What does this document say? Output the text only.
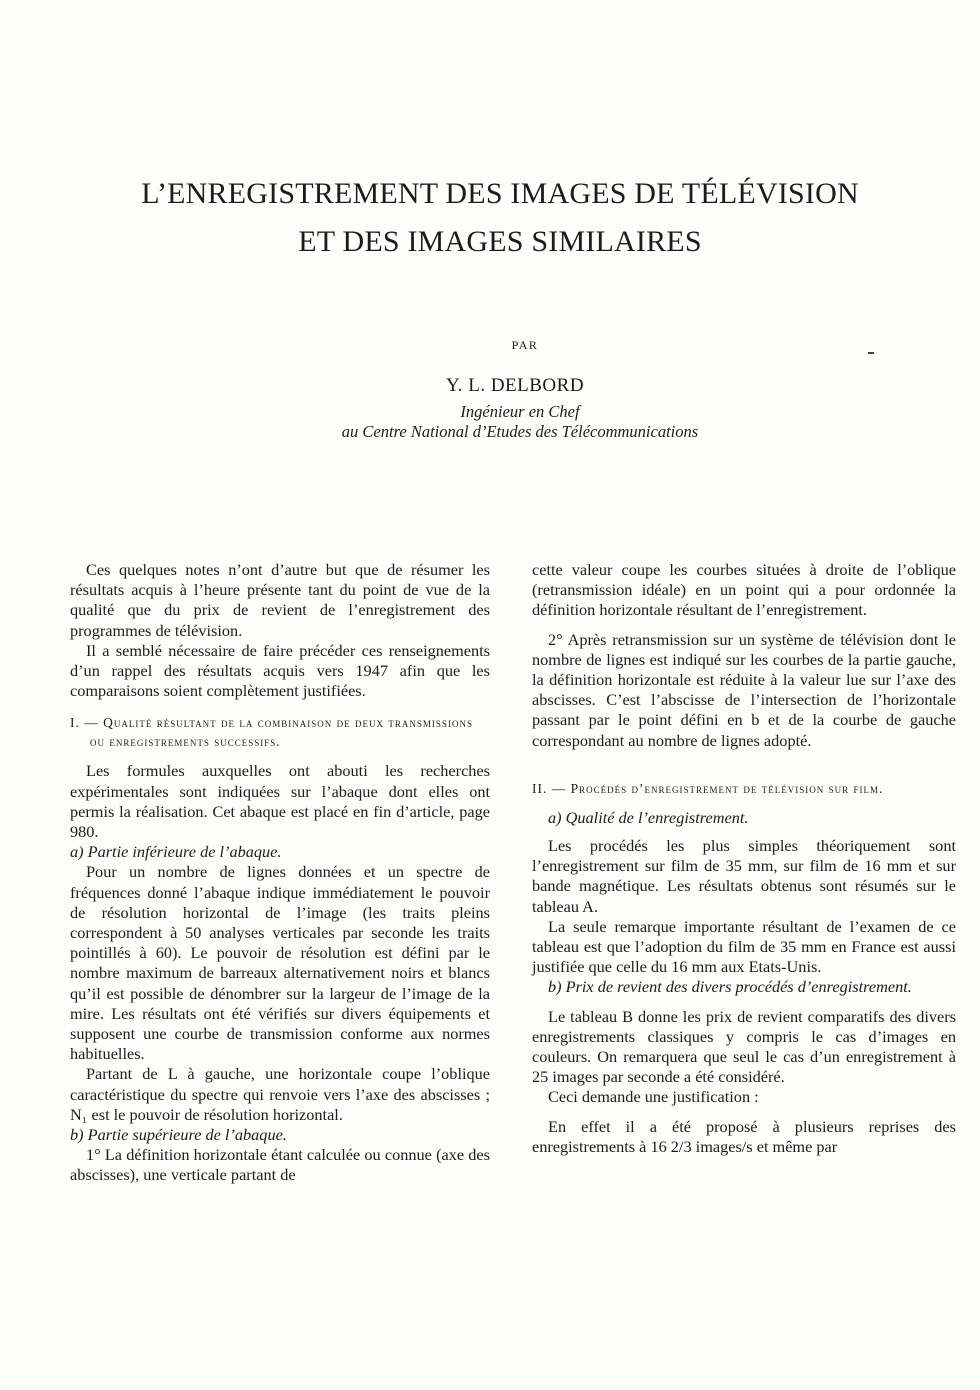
L’ENREGISTREMENT DES IMAGES DE TÉLÉVISION
ET DES IMAGES SIMILAIRES
PAR
Y. L. DELBORD
Ingénieur en Chef
au Centre National d’Etudes des Télécommunications

Ces quelques notes n’ont d’autre but que de résumer les résultats acquis à l’heure présente tant du point de vue de la qualité que du prix de revient de l’enregistrement des programmes de télévision.

Il a semblé nécessaire de faire précéder ces renseignements d’un rappel des résultats acquis vers 1947 afin que les comparaisons soient complètement justifiées.

I. — Qualité résultant de la combinaison de deux transmissions ou enregistrements successifs.

Les formules auxquelles ont abouti les recherches expérimentales sont indiquées sur l’abaque dont elles ont permis la réalisation. Cet abaque est placé en fin d’article, page 980.

a) Partie inférieure de l’abaque.

Pour un nombre de lignes données et un spectre de fréquences donné l’abaque indique immédiatement le pouvoir de résolution horizontal de l’image (les traits pleins correspondent à 50 analyses verticales par seconde les traits pointillés à 60). Le pouvoir de résolution est défini par le nombre maximum de barreaux alternativement noirs et blancs qu’il est possible de dénombrer sur la largeur de l’image de la mire. Les résultats ont été vérifiés sur divers équipements et supposent une courbe de transmission conforme aux normes habituelles.

Partant de L à gauche, une horizontale coupe l’oblique caractéristique du spectre qui renvoie vers l’axe des abscisses ; N₁ est le pouvoir de résolution horizontal.

b) Partie supérieure de l’abaque.

1° La définition horizontale étant calculée ou connue (axe des abscisses), une verticale partant de

cette valeur coupe les courbes situées à droite de l’oblique (retransmission idéale) en un point qui a pour ordonnée la définition horizontale résultant de l’enregistrement.

2° Après retransmission sur un système de télévision dont le nombre de lignes est indiqué sur les courbes de la partie gauche, la définition horizontale est réduite à la valeur lue sur l’axe des abscisses. C’est l’abscisse de l’intersection de l’horizontale passant par le point défini en b et de la courbe de gauche correspondant au nombre de lignes adopté.

II. — Procédés d’enregistrement de télévision sur film.

a) Qualité de l’enregistrement.

Les procédés les plus simples théoriquement sont l’enregistrement sur film de 35 mm, sur film de 16 mm et sur bande magnétique. Les résultats obtenus sont résumés sur le tableau A.

La seule remarque importante résultant de l’examen de ce tableau est que l’adoption du film de 35 mm en France est aussi justifiée que celle du 16 mm aux Etats-Unis.

b) Prix de revient des divers procédés d’enregistrement.

Le tableau B donne les prix de revient comparatifs des divers enregistrements classiques y compris le cas d’images en couleurs. On remarquera que seul le cas d’un enregistrement à 25 images par seconde a été considéré.

Ceci demande une justification :

En effet il a été proposé à plusieurs reprises des enregistrements à 16 2/3 images/s et même par
